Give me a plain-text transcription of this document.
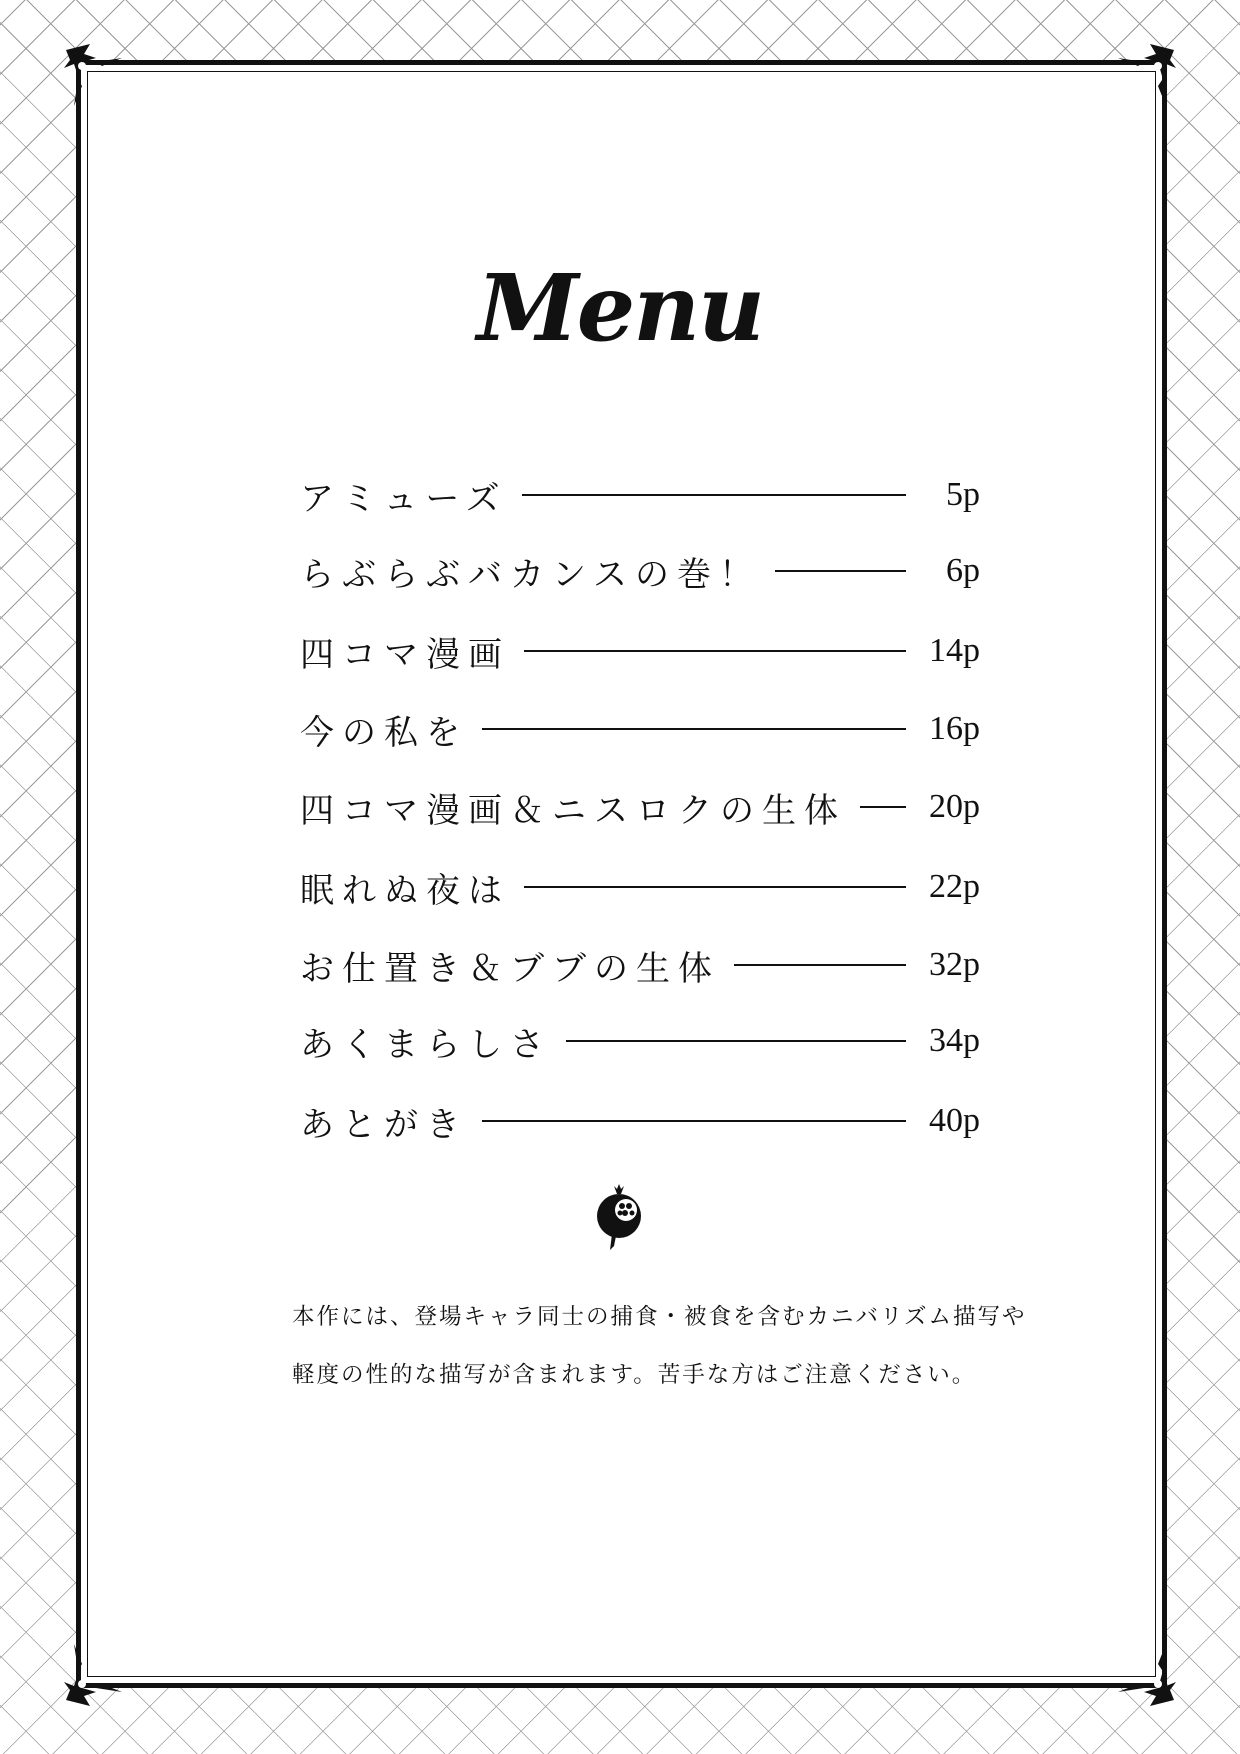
Menu
アミューズ	5p
らぶらぶバカンスの巻！	6p
四コマ漫画	14p
今の私を	16p
四コマ漫画＆ニスロクの生体	20p
眠れぬ夜は	22p
お仕置き＆ブブの生体	32p
あくまらしさ	34p
あとがき	40p

本作には、登場キャラ同士の捕食・被食を含むカニバリズム描写や

軽度の性的な描写が含まれます。苦手な方はご注意ください。
